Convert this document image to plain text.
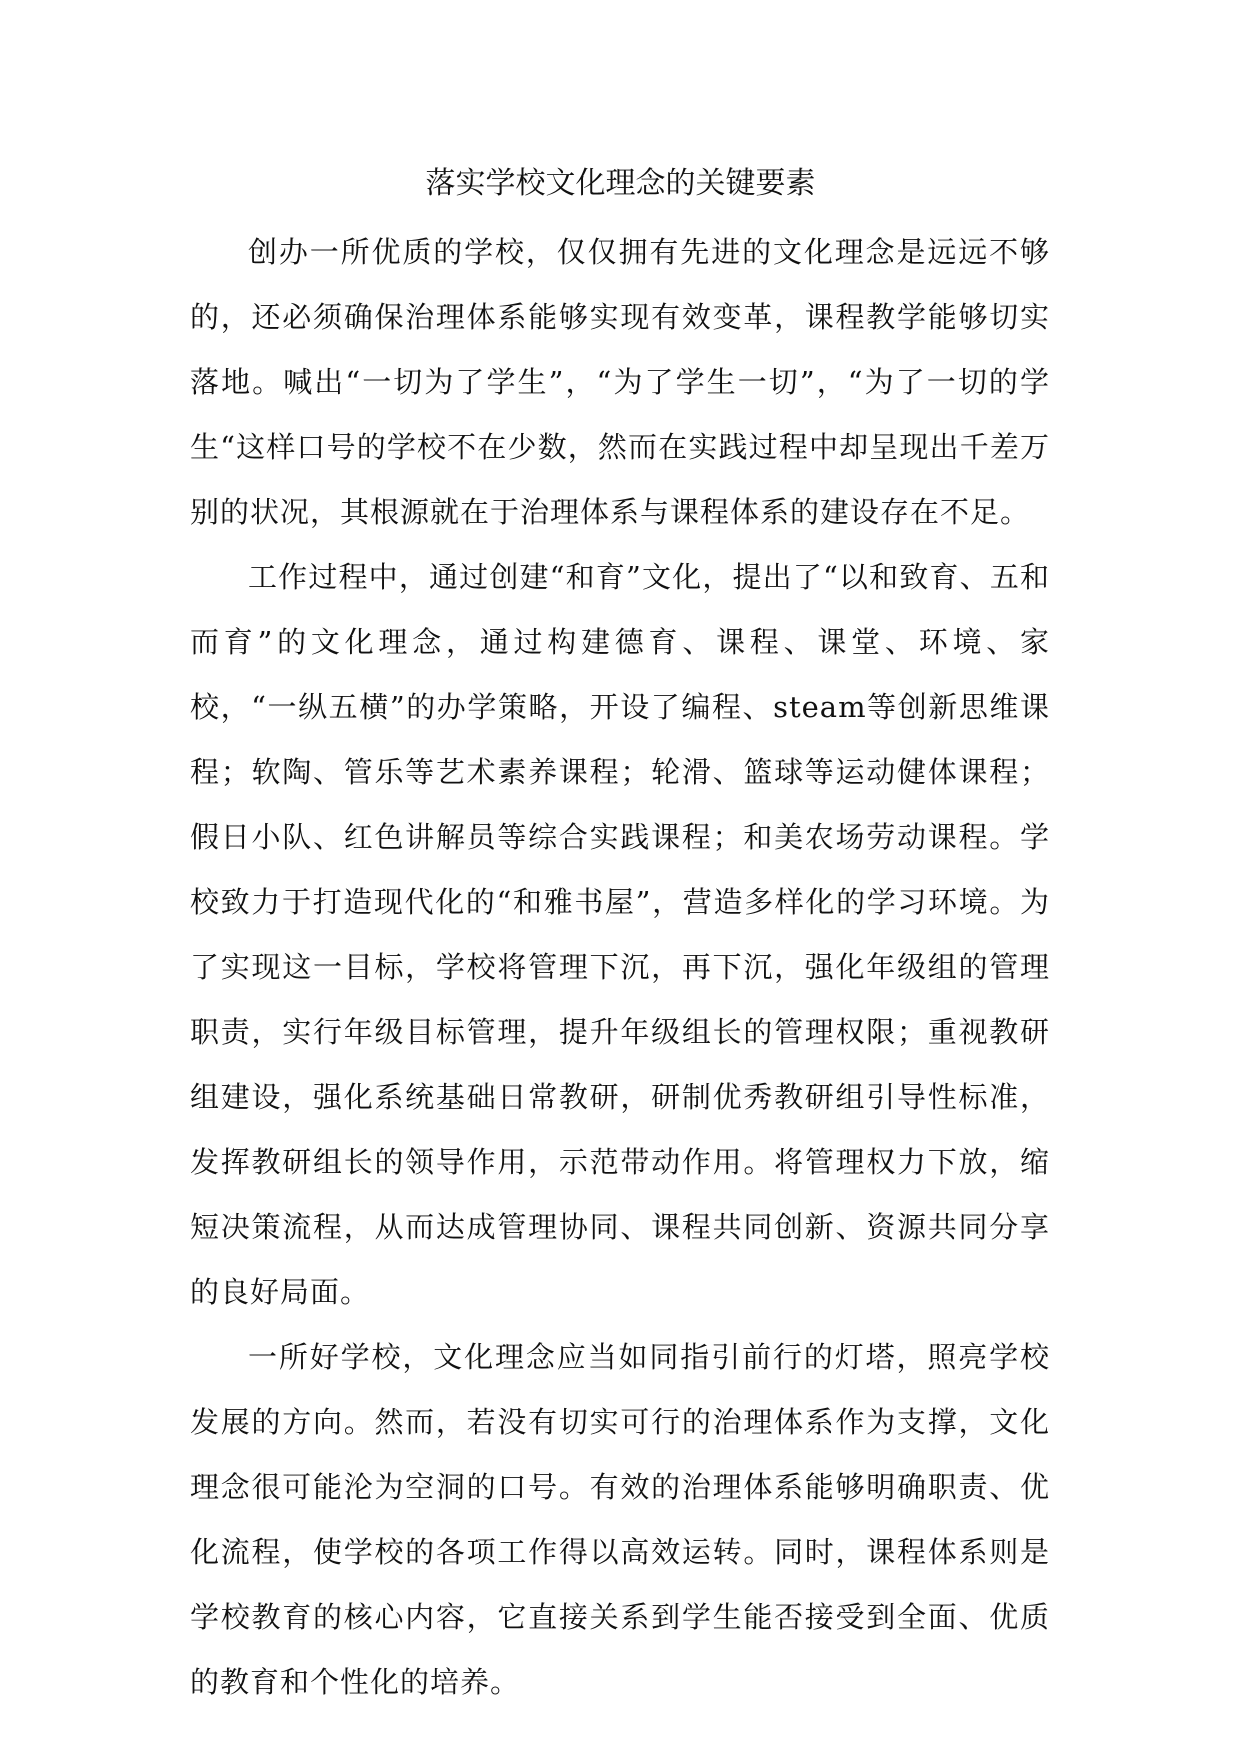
落实学校文化理念的关键要素

创办一所优质的学校，仅仅拥有先进的文化理念是远远不够的，还必须确保治理体系能够实现有效变革，课程教学能够切实落地。喊出“一切为了学生”，“为了学生一切”，“为了一切的学生“这样口号的学校不在少数，然而在实践过程中却呈现出千差万别的状况，其根源就在于治理体系与课程体系的建设存在不足。

工作过程中，通过创建“和育”文化，提出了“以和致育、五和而育”的文化理念，通过构建德育、课程、课堂、环境、家校，“一纵五横”的办学策略，开设了编程、steam等创新思维课程；软陶、管乐等艺术素养课程；轮滑、篮球等运动健体课程；假日小队、红色讲解员等综合实践课程；和美农场劳动课程。学校致力于打造现代化的“和雅书屋”，营造多样化的学习环境。为了实现这一目标，学校将管理下沉，再下沉，强化年级组的管理职责，实行年级目标管理，提升年级组长的管理权限；重视教研组建设，强化系统基础日常教研，研制优秀教研组引导性标准，发挥教研组长的领导作用，示范带动作用。将管理权力下放，缩短决策流程，从而达成管理协同、课程共同创新、资源共同分享的良好局面。

一所好学校，文化理念应当如同指引前行的灯塔，照亮学校发展的方向。然而，若没有切实可行的治理体系作为支撑，文化理念很可能沦为空洞的口号。有效的治理体系能够明确职责、优化流程，使学校的各项工作得以高效运转。同时，课程体系则是学校教育的核心内容，它直接关系到学生能否接受到全面、优质的教育和个性化的培养。
